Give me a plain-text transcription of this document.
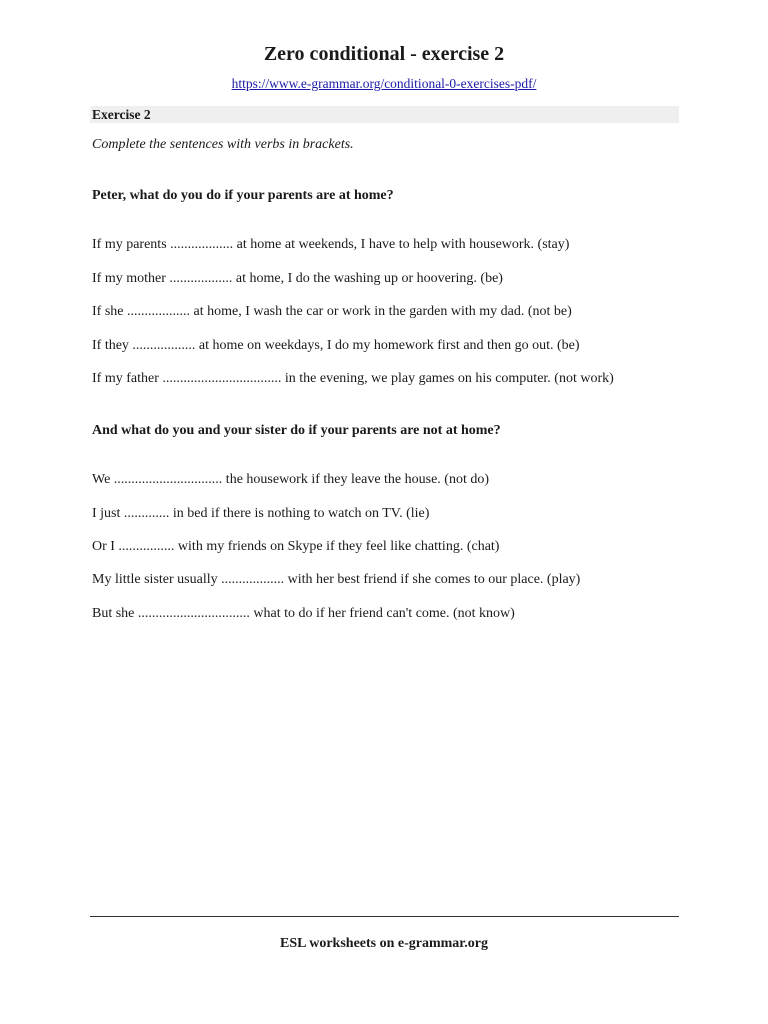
Zero conditional - exercise 2
https://www.e-grammar.org/conditional-0-exercises-pdf/
Exercise 2
Complete the sentences with verbs in brackets.
Peter, what do you do if your parents are at home?
If my parents .................. at home at weekends, I have to help with housework. (stay)
If my mother .................. at home, I do the washing up or hoovering. (be)
If she .................. at home, I wash the car or work in the garden with my dad. (not be)
If they .................. at home on weekdays, I do my homework first and then go out. (be)
If my father .................................. in the evening, we play games on his computer. (not work)
And what do you and your sister do if your parents are not at home?
We ............................... the housework if they leave the house. (not do)
I just ............. in bed if there is nothing to watch on TV. (lie)
Or I ................ with my friends on Skype if they feel like chatting. (chat)
My little sister usually .................. with her best friend if she comes to our place. (play)
But she ................................ what to do if her friend can't come. (not know)
ESL worksheets on e-grammar.org
